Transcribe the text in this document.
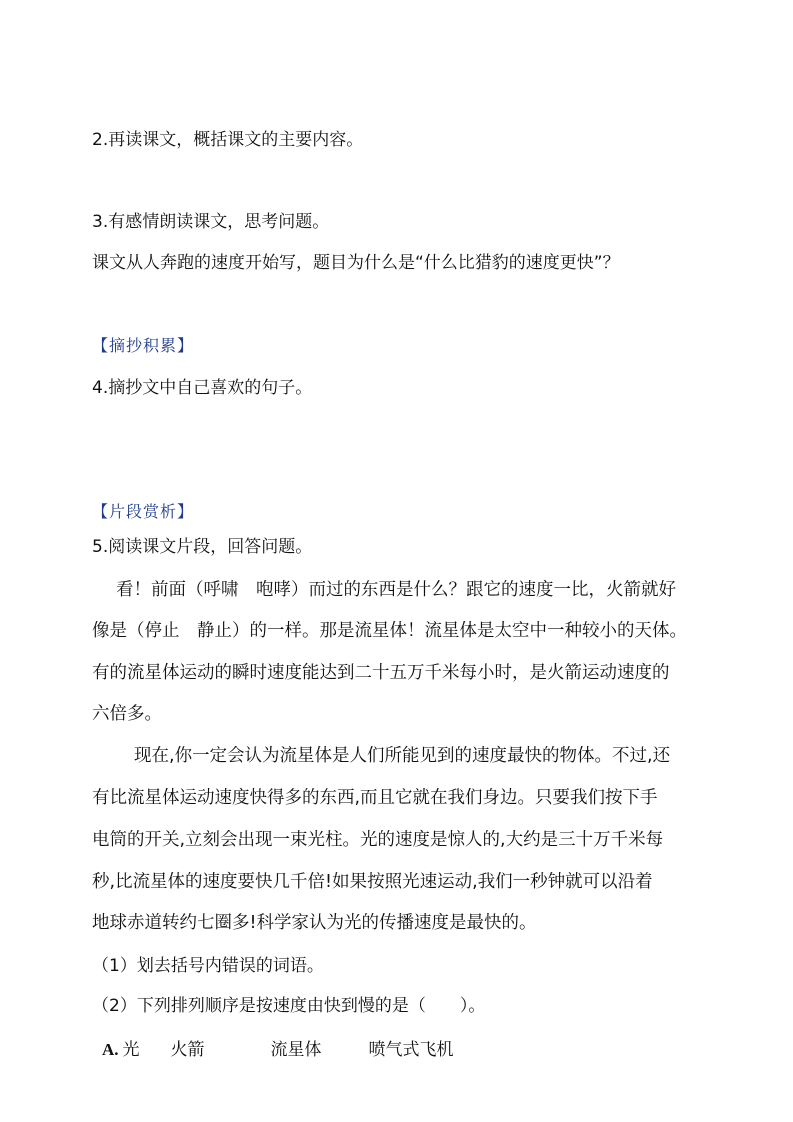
2.再读课文，概括课文的主要内容。
3.有感情朗读课文，思考问题。
课文从人奔跑的速度开始写，题目为什么是“什么比猎豹的速度更快”？
【摘抄积累】
4.摘抄文中自己喜欢的句子。
【片段赏析】
5.阅读课文片段，回答问题。
看！前面（呼啸　咆哮）而过的东西是什么？跟它的速度一比，火箭就好
像是（停止　静止）的一样。那是流星体！流星体是太空中一种较小的天体。
有的流星体运动的瞬时速度能达到二十五万千米每小时，是火箭运动速度的
六倍多。
现在,你一定会认为流星体是人们所能见到的速度最快的物体。不过,还
有比流星体运动速度快得多的东西,而且它就在我们身边。只要我们按下手
电筒的开关,立刻会出现一束光柱。光的速度是惊人的,大约是三十万千米每
秒,比流星体的速度要快几千倍!如果按照光速运动,我们一秒钟就可以沿着
地球赤道转约七圈多!科学家认为光的传播速度是最快的。
（1）划去括号内错误的词语。
（2）下列排列顺序是按速度由快到慢的是（　　）。
A. 光 火箭	流星体	喷气式飞机
